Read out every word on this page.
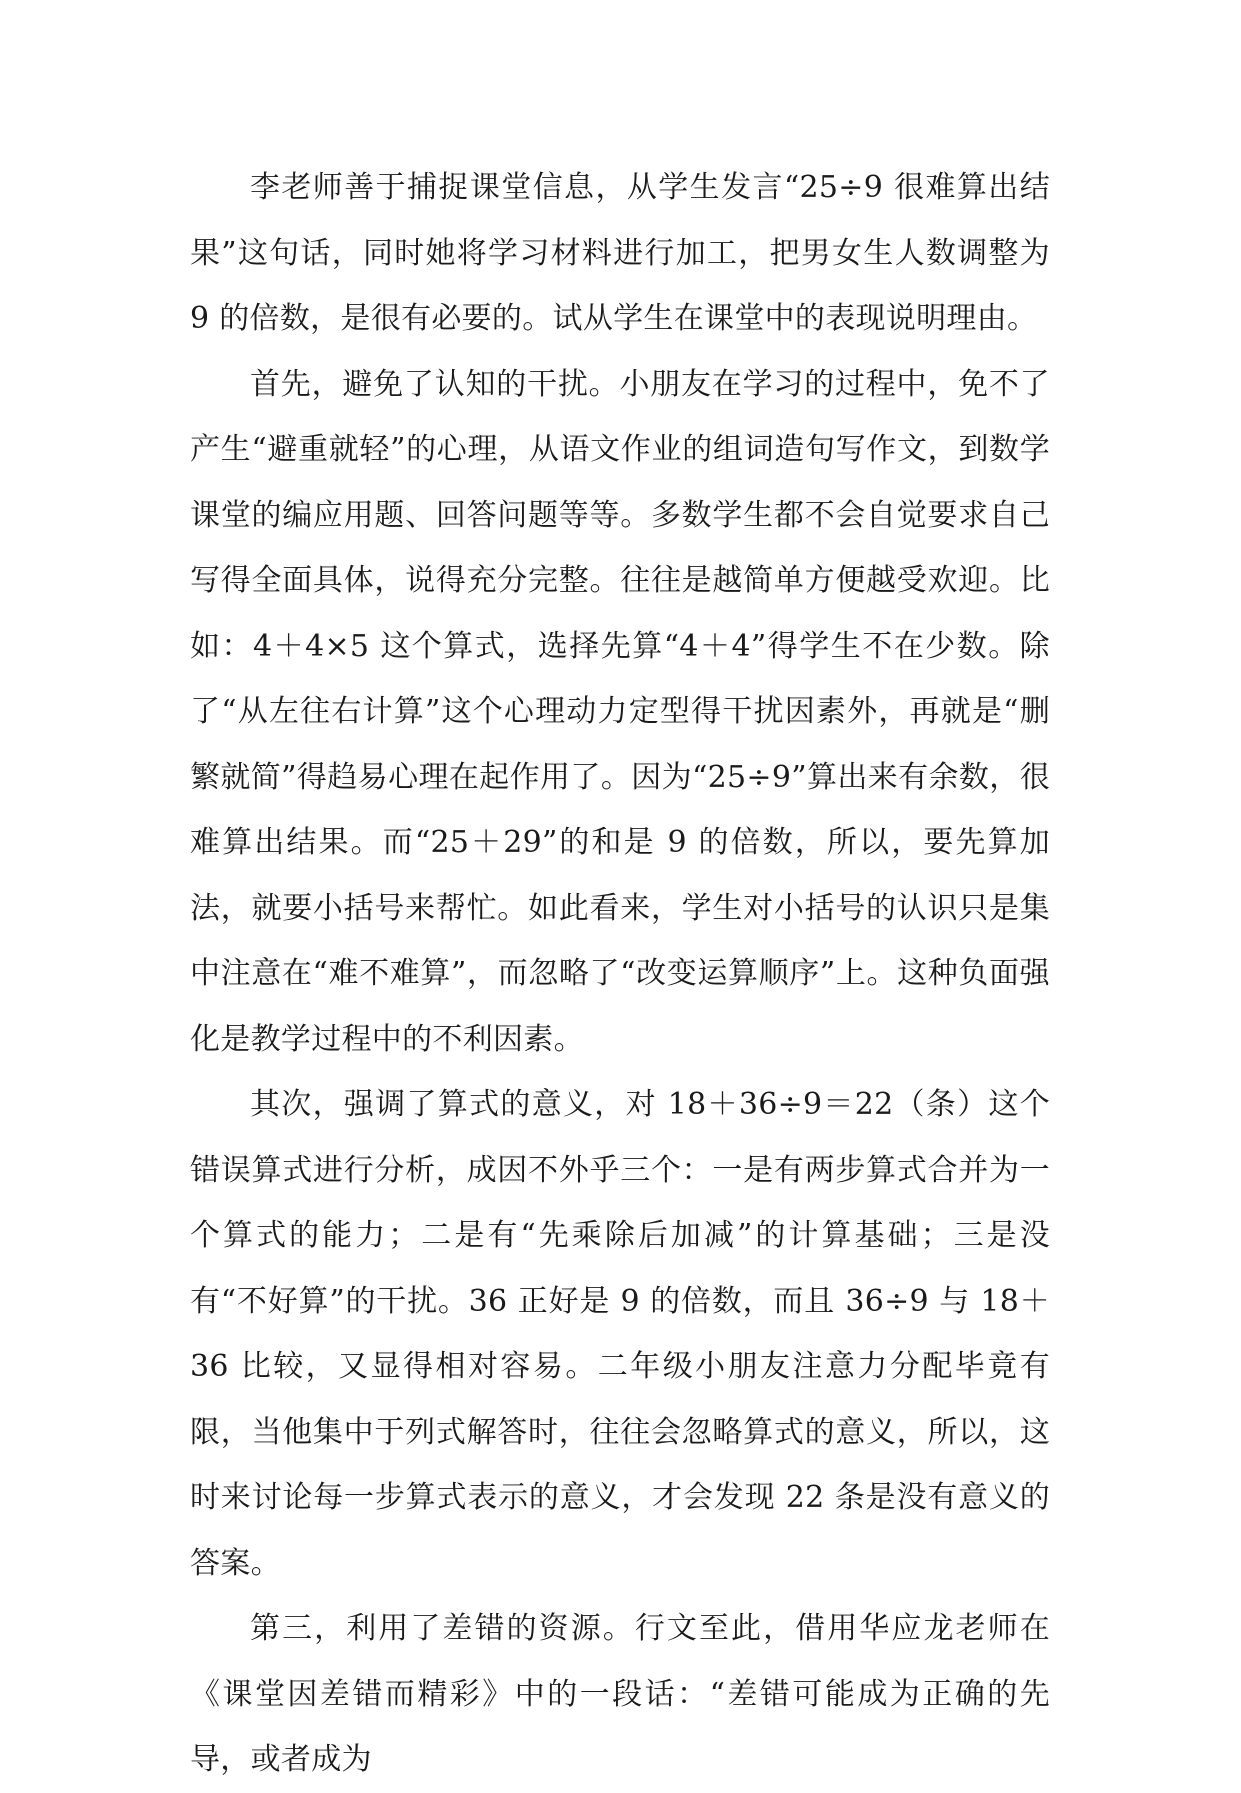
李老师善于捕捉课堂信息，从学生发言“25÷9 很难算出结果”这句话，同时她将学习材料进行加工，把男女生人数调整为 9 的倍数，是很有必要的。试从学生在课堂中的表现说明理由。

首先，避免了认知的干扰。小朋友在学习的过程中，免不了产生“避重就轻”的心理，从语文作业的组词造句写作文，到数学课堂的编应用题、回答问题等等。多数学生都不会自觉要求自己写得全面具体，说得充分完整。往往是越简单方便越受欢迎。比如：4＋4×5 这个算式，选择先算“4＋4”得学生不在少数。除了“从左往右计算”这个心理动力定型得干扰因素外，再就是“删繁就简”得趋易心理在起作用了。因为“25÷9”算出来有余数，很难算出结果。而“25＋29”的和是 9 的倍数，所以，要先算加法，就要小括号来帮忙。如此看来，学生对小括号的认识只是集中注意在“难不难算”，而忽略了“改变运算顺序”上。这种负面强化是教学过程中的不利因素。

其次，强调了算式的意义，对 18＋36÷9＝22（条）这个错误算式进行分析，成因不外乎三个：一是有两步算式合并为一个算式的能力；二是有“先乘除后加减”的计算基础；三是没有“不好算”的干扰。36 正好是 9 的倍数，而且 36÷9 与 18＋36 比较，又显得相对容易。二年级小朋友注意力分配毕竟有限，当他集中于列式解答时，往往会忽略算式的意义，所以，这时来讨论每一步算式表示的意义，才会发现 22 条是没有意义的答案。

第三，利用了差错的资源。行文至此，借用华应龙老师在《课堂因差错而精彩》中的一段话：“差错可能成为正确的先导，或者成为
